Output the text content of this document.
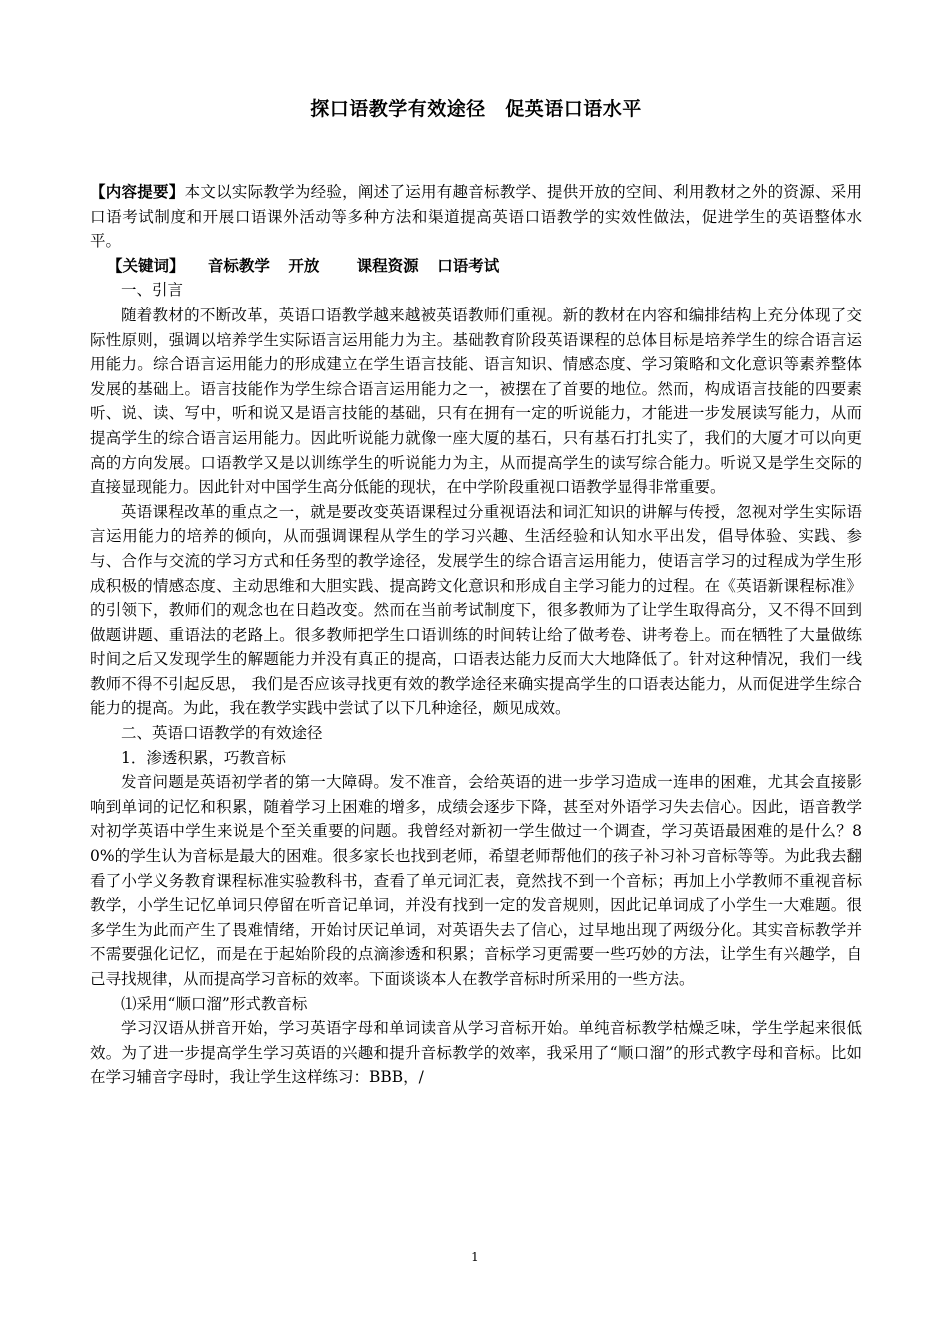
探口语教学有效途径　促英语口语水平

【内容提要】本文以实际教学为经验，阐述了运用有趣音标教学、提供开放的空间、利用教材之外的资源、采用口语考试制度和开展口语课外活动等多种方法和渠道提高英语口语教学的实效性做法，促进学生的英语整体水平。

【关键词】 音标教学 开放 课程资源 口语考试

一、引言

随着教材的不断改革，英语口语教学越来越被英语教师们重视。新的教材在内容和编排结构上充分体现了交际性原则，强调以培养学生实际语言运用能力为主。基础教育阶段英语课程的总体目标是培养学生的综合语言运用能力。综合语言运用能力的形成建立在学生语言技能、语言知识、情感态度、学习策略和文化意识等素养整体发展的基础上。语言技能作为学生综合语言运用能力之一，被摆在了首要的地位。然而，构成语言技能的四要素听、说、读、写中，听和说又是语言技能的基础，只有在拥有一定的听说能力，才能进一步发展读写能力，从而提高学生的综合语言运用能力。因此听说能力就像一座大厦的基石，只有基石打扎实了，我们的大厦才可以向更高的方向发展。口语教学又是以训练学生的听说能力为主，从而提高学生的读写综合能力。听说又是学生交际的直接显现能力。因此针对中国学生高分低能的现状，在中学阶段重视口语教学显得非常重要。

英语课程改革的重点之一，就是要改变英语课程过分重视语法和词汇知识的讲解与传授，忽视对学生实际语言运用能力的培养的倾向，从而强调课程从学生的学习兴趣、生活经验和认知水平出发，倡导体验、实践、参与、合作与交流的学习方式和任务型的教学途径，发展学生的综合语言运用能力，使语言学习的过程成为学生形成积极的情感态度、主动思维和大胆实践、提高跨文化意识和形成自主学习能力的过程。在《英语新课程标准》的引领下，教师们的观念也在日趋改变。然而在当前考试制度下，很多教师为了让学生取得高分，又不得不回到做题讲题、重语法的老路上。很多教师把学生口语训练的时间转让给了做考卷、讲考卷上。而在牺牲了大量做练时间之后又发现学生的解题能力并没有真正的提高，口语表达能力反而大大地降低了。针对这种情况，我们一线教师不得不引起反思， 我们是否应该寻找更有效的教学途径来确实提高学生的口语表达能力，从而促进学生综合能力的提高。为此，我在教学实践中尝试了以下几种途径，颇见成效。

二、英语口语教学的有效途径

1．渗透积累，巧教音标

发音问题是英语初学者的第一大障碍。发不准音，会给英语的进一步学习造成一连串的困难，尤其会直接影响到单词的记忆和积累，随着学习上困难的增多，成绩会逐步下降，甚至对外语学习失去信心。因此，语音教学对初学英语中学生来说是个至关重要的问题。我曾经对新初一学生做过一个调查，学习英语最困难的是什么？80%的学生认为音标是最大的困难。很多家长也找到老师，希望老师帮他们的孩子补习补习音标等等。为此我去翻看了小学义务教育课程标准实验教科书，查看了单元词汇表，竟然找不到一个音标；再加上小学教师不重视音标教学，小学生记忆单词只停留在听音记单词，并没有找到一定的发音规则，因此记单词成了小学生一大难题。很多学生为此而产生了畏难情绪，开始讨厌记单词，对英语失去了信心，过早地出现了两级分化。其实音标教学并不需要强化记忆，而是在于起始阶段的点滴渗透和积累；音标学习更需要一些巧妙的方法，让学生有兴趣学，自己寻找规律，从而提高学习音标的效率。下面谈谈本人在教学音标时所采用的一些方法。

⑴采用“顺口溜”形式教音标

学习汉语从拼音开始，学习英语字母和单词读音从学习音标开始。单纯音标教学枯燥乏味，学生学起来很低效。为了进一步提高学生学习英语的兴趣和提升音标教学的效率，我采用了“顺口溜”的形式教字母和音标。比如在学习辅音字母时，我让学生这样练习：BBB，/

1
